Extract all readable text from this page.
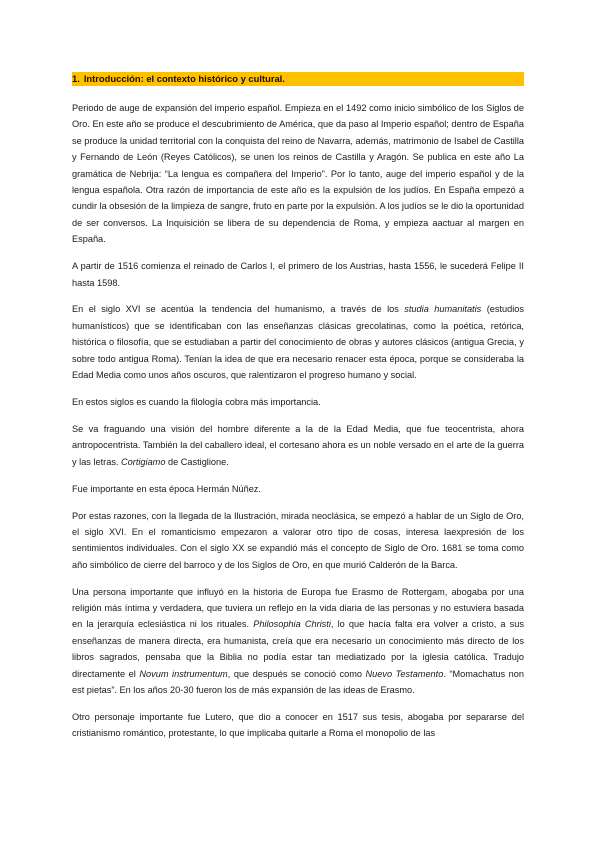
1. Introducción: el contexto histórico y cultural.

Periodo de auge de expansión del imperio español. Empieza en el 1492 como inicio simbólico de los Siglos de Oro. En este año se produce el descubrimiento de América, que da paso al Imperio español; dentro de España se produce la unidad territorial con la conquista del reino de Navarra, además, matrimonio de Isabel de Castilla y Fernando de León (Reyes Católicos), se unen los reinos de Castilla y Aragón. Se publica en este año La gramática de Nebrija: “La lengua es compañera del Imperio”. Por lo tanto, auge del imperio español y de la lengua española. Otra razón de importancia de este año es la expulsión de los judíos. En España empezó a cundir la obsesión de la limpieza de sangre, fruto en parte por la expulsión. A los judíos se le dio la oportunidad de ser conversos. La Inquisición se libera de su dependencia de Roma, y empieza aactuar al margen en España.

A partir de 1516 comienza el reinado de Carlos I, el primero de los Austrias, hasta 1556, le sucederá Felipe II hasta 1598.

En el siglo XVI se acentúa la tendencia del humanismo, a través de los studia humanitatis (estudios humanísticos) que se identificaban con las enseñanzas clásicas grecolatinas, como la poética, retórica, histórica o filosofía, que se estudiaban a partir del conocimiento de obras y autores clásicos (antigua Grecia, y sobre todo antigua Roma). Tenían la idea de que era necesario renacer esta época, porque se consideraba la Edad Media como unos años oscuros, que ralentizaron el progreso humano y social.

En estos siglos es cuando la filología cobra más importancia.

Se va fraguando una visión del hombre diferente a la de la Edad Media, que fue teocentrista, ahora antropocentrista. También la del caballero ideal, el cortesano ahora es un noble versado en el arte de la guerra y las letras. Cortigiamo de Castiglione.

Fue importante en esta época Hermán Núñez.

Por estas razones, con la llegada de la Ilustración, mirada neoclásica, se empezó a hablar de un Siglo de Oro, el siglo XVI. En el romanticismo empezaron a valorar otro tipo de cosas, interesa laexpresión de los sentimientos individuales. Con el siglo XX se expandió más el concepto de Siglo de Oro. 1681 se toma como año simbólico de cierre del barroco y de los Siglos de Oro, en que murió Calderón de la Barca.

Una persona importante que influyó en la historia de Europa fue Erasmo de Rottergam, abogaba por una religión más íntima y verdadera, que tuviera un reflejo en la vida diaria de las personas y no estuviera basada en la jerarquía eclesiástica ni los rituales. Philosophia Christi, lo que hacía falta era volver a cristo, a sus enseñanzas de manera directa, era humanista, creía que era necesario un conocimiento más directo de los libros sagrados, pensaba que la Biblia no podía estar tan mediatizado por la iglesia católica. Tradujo directamente el Novum instrumentum, que después se conoció como Nuevo Testamento. “Momachatus non est pietas”. En los años 20-30 fueron los de más expansión de las ideas de Erasmo.

Otro personaje importante fue Lutero, que dio a conocer en 1517 sus tesis, abogaba por separarse del cristianismo romántico, protestante, lo que implicaba quitarle a Roma el monopolio de las
